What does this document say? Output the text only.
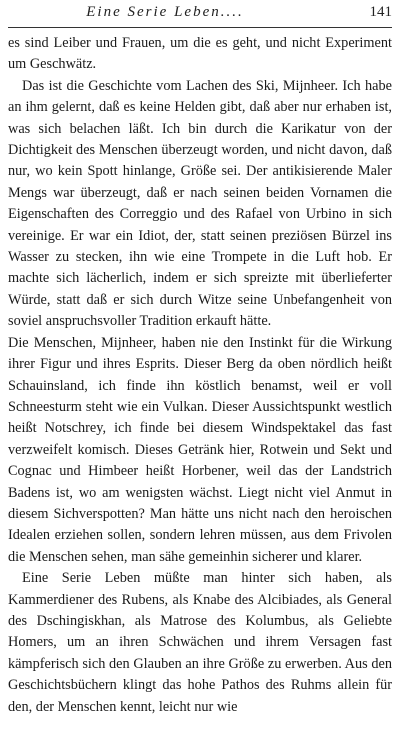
Eine Serie Leben....	141

es sind Leiber und Frauen, um die es geht, und nicht Experiment um Geschwätz.

Das ist die Geschichte vom Lachen des Ski, Mijnheer. Ich habe an ihm gelernt, daß es keine Helden gibt, daß aber nur erhaben ist, was sich belachen läßt. Ich bin durch die Karikatur von der Dichtigkeit des Menschen überzeugt worden, und nicht davon, daß nur, wo kein Spott hinlange, Größe sei. Der antikisierende Maler Mengs war überzeugt, daß er nach seinen beiden Vornamen die Eigenschaften des Correggio und des Rafael von Urbino in sich vereinige. Er war ein Idiot, der, statt seinen preziösen Bürzel ins Wasser zu stecken, ihn wie eine Trompete in die Luft hob. Er machte sich lächerlich, indem er sich spreizte mit überlieferter Würde, statt daß er sich durch Witze seine Unbefangenheit von soviel anspruchsvoller Tradition erkauft hätte.

Die Menschen, Mijnheer, haben nie den Instinkt für die Wirkung ihrer Figur und ihres Esprits. Dieser Berg da oben nördlich heißt Schauinsland, ich finde ihn köstlich benamst, weil er voll Schneesturm steht wie ein Vulkan. Dieser Aussichtspunkt westlich heißt Notschrey, ich finde bei diesem Windspektakel das fast verzweifelt komisch. Dieses Getränk hier, Rotwein und Sekt und Cognac und Himbeer heißt Horbener, weil das der Landstrich Badens ist, wo am wenigsten wächst. Liegt nicht viel Anmut in diesem Sichverspotten? Man hätte uns nicht nach den heroischen Idealen erziehen sollen, sondern lehren müssen, aus dem Frivolen die Menschen sehen, man sähe gemeinhin sicherer und klarer.

Eine Serie Leben müßte man hinter sich haben, als Kammerdiener des Rubens, als Knabe des Alcibiades, als General des Dschingiskhan, als Matrose des Kolumbus, als Geliebte Homers, um an ihren Schwächen und ihrem Versagen fast kämpferisch sich den Glauben an ihre Größe zu erwerben. Aus den Geschichtsbüchern klingt das hohe Pathos des Ruhms allein für den, der Menschen kennt, leicht nur wie
